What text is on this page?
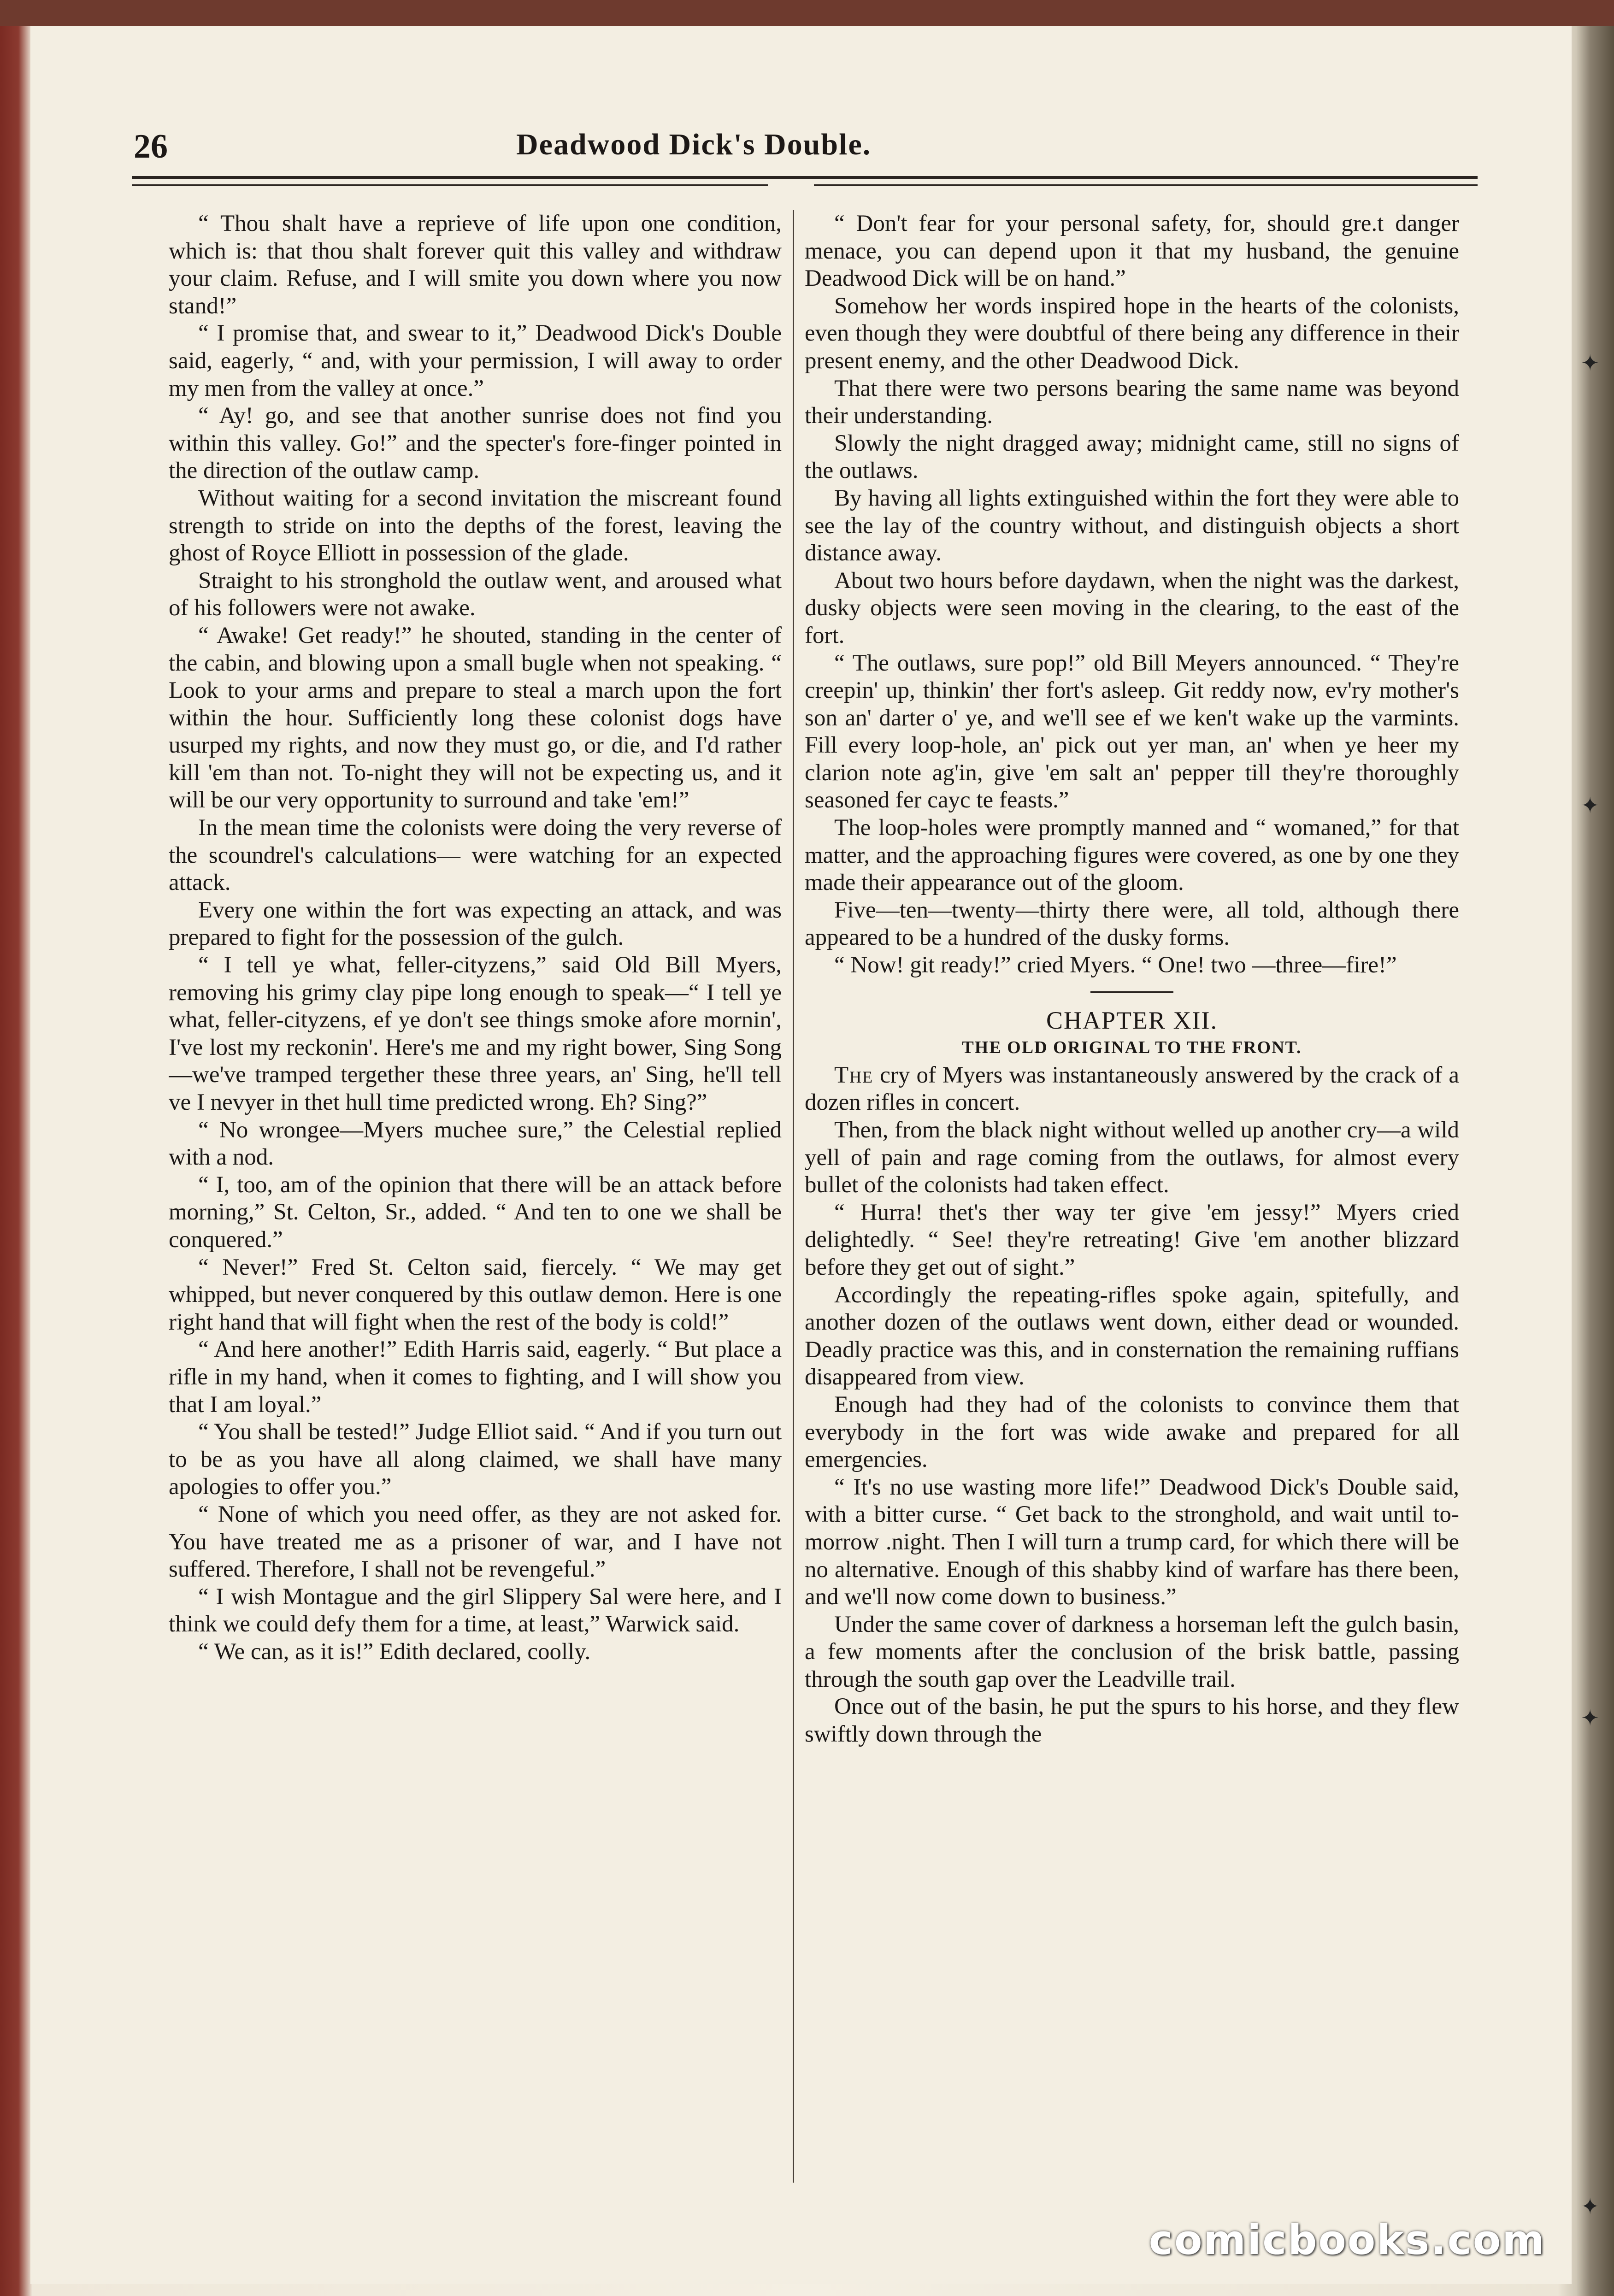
26	Deadwood Dick's Double.

“ Thou shalt have a reprieve of life upon one condition, which is: that thou shalt forever quit this valley and withdraw your claim. Refuse, and I will smite you down where you now stand!”

“ I promise that, and swear to it,” Deadwood Dick's Double said, eagerly, “ and, with your permission, I will away to order my men from the valley at once.”

“ Ay! go, and see that another sunrise does not find you within this valley. Go!” and the specter's fore-finger pointed in the direction of the outlaw camp.

Without waiting for a second invitation the miscreant found strength to stride on into the depths of the forest, leaving the ghost of Royce Elliott in possession of the glade.

Straight to his stronghold the outlaw went, and aroused what of his followers were not awake.

“ Awake! Get ready!” he shouted, standing in the center of the cabin, and blowing upon a small bugle when not speaking. “ Look to your arms and prepare to steal a march upon the fort within the hour. Sufficiently long these colonist dogs have usurped my rights, and now they must go, or die, and I'd rather kill 'em than not. To-night they will not be expecting us, and it will be our very opportunity to surround and take 'em!”

In the mean time the colonists were doing the very reverse of the scoundrel's calculations— were watching for an expected attack.

Every one within the fort was expecting an attack, and was prepared to fight for the possession of the gulch.

“ I tell ye what, feller-cityzens,” said Old Bill Myers, removing his grimy clay pipe long enough to speak—“ I tell ye what, feller-cityzens, ef ye don't see things smoke afore mornin', I've lost my reckonin'. Here's me and my right bower, Sing Song—we've tramped tergether these three years, an' Sing, he'll tell ve I nevyer in thet hull time predicted wrong. Eh? Sing?”

“ No wrongee—Myers muchee sure,” the Celestial replied with a nod.

“ I, too, am of the opinion that there will be an attack before morning,” St. Celton, Sr., added. “ And ten to one we shall be conquered.”

“ Never!” Fred St. Celton said, fiercely. “ We may get whipped, but never conquered by this outlaw demon. Here is one right hand that will fight when the rest of the body is cold!”

“ And here another!” Edith Harris said, eagerly. “ But place a rifle in my hand, when it comes to fighting, and I will show you that I am loyal.”

“ You shall be tested!” Judge Elliot said. “ And if you turn out to be as you have all along claimed, we shall have many apologies to offer you.”

“ None of which you need offer, as they are not asked for. You have treated me as a prisoner of war, and I have not suffered. Therefore, I shall not be revengeful.”

“ I wish Montague and the girl Slippery Sal were here, and I think we could defy them for a time, at least,” Warwick said.

“ We can, as it is!” Edith declared, coolly.

“ Don't fear for your personal safety, for, should gre.t danger menace, you can depend upon it that my husband, the genuine Deadwood Dick will be on hand.”

Somehow her words inspired hope in the hearts of the colonists, even though they were doubtful of there being any difference in their present enemy, and the other Deadwood Dick.

That there were two persons bearing the same name was beyond their understanding.

Slowly the night dragged away; midnight came, still no signs of the outlaws.

By having all lights extinguished within the fort they were able to see the lay of the country without, and distinguish objects a short distance away.

About two hours before daydawn, when the night was the darkest, dusky objects were seen moving in the clearing, to the east of the fort.

“ The outlaws, sure pop!” old Bill Meyers announced. “ They're creepin' up, thinkin' ther fort's asleep. Git reddy now, ev'ry mother's son an' darter o' ye, and we'll see ef we ken't wake up the varmints. Fill every loop-hole, an' pick out yer man, an' when ye heer my clarion note ag'in, give 'em salt an' pepper till they're thoroughly seasoned fer cayc te feasts.”

The loop-holes were promptly manned and “ womaned,” for that matter, and the approaching figures were covered, as one by one they made their appearance out of the gloom.

Five—ten—twenty—thirty there were, all told, although there appeared to be a hundred of the dusky forms.

“ Now! git ready!” cried Myers. “ One! two —three—fire!”

CHAPTER XII.

THE OLD ORIGINAL TO THE FRONT.

The cry of Myers was instantaneously answered by the crack of a dozen rifles in concert.

Then, from the black night without welled up another cry—a wild yell of pain and rage coming from the outlaws, for almost every bullet of the colonists had taken effect.

“ Hurra! thet's ther way ter give 'em jessy!” Myers cried delightedly. “ See! they're retreating! Give 'em another blizzard before they get out of sight.”

Accordingly the repeating-rifles spoke again, spitefully, and another dozen of the outlaws went down, either dead or wounded. Deadly practice was this, and in consternation the remaining ruffians disappeared from view.

Enough had they had of the colonists to convince them that everybody in the fort was wide awake and prepared for all emergencies.

“ It's no use wasting more life!” Deadwood Dick's Double said, with a bitter curse. “ Get back to the stronghold, and wait until to-morrow .night. Then I will turn a trump card, for which there will be no alternative. Enough of this shabby kind of warfare has there been, and we'll now come down to business.”

Under the same cover of darkness a horseman left the gulch basin, a few moments after the conclusion of the brisk battle, passing through the south gap over the Leadville trail.

Once out of the basin, he put the spurs to his horse, and they flew swiftly down through the

✦
✦
✦
✦
comicbooks.com
